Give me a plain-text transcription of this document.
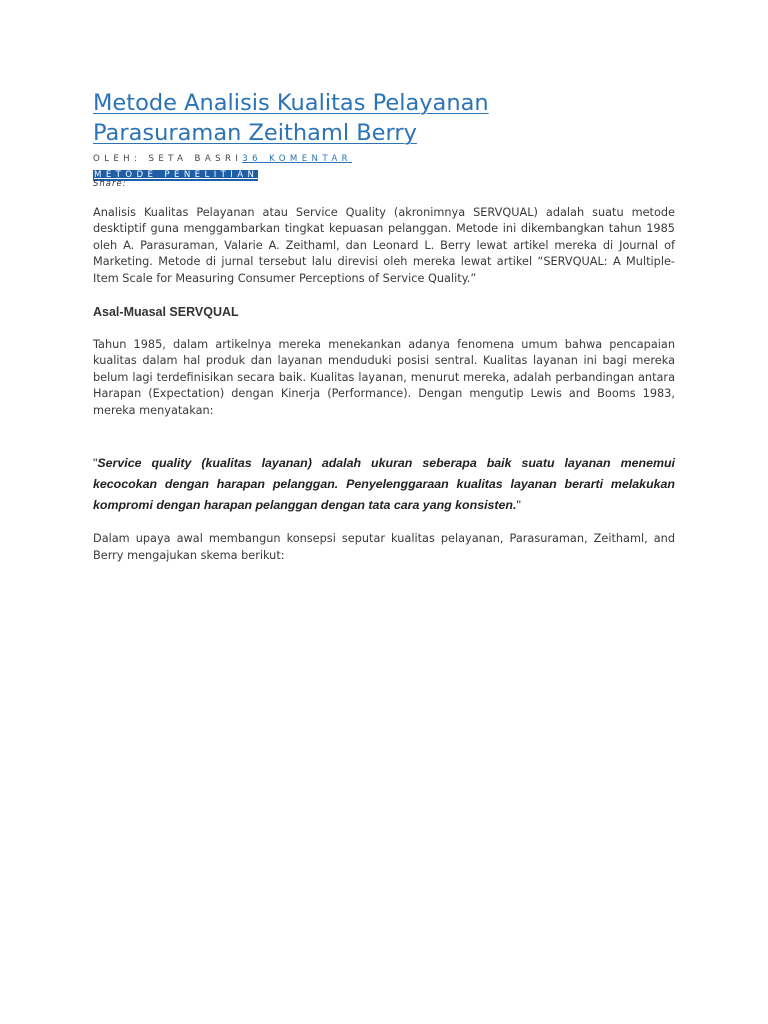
Metode Analisis Kualitas Pelayanan
Parasuraman Zeithaml Berry
OLEH: SETA BASRI36 KOMENTAR
METODE PENELITIAN
Share:

Analisis Kualitas Pelayanan atau Service Quality (akronimnya SERVQUAL) adalah suatu metode desktiptif guna menggambarkan tingkat kepuasan pelanggan. Metode ini dikembangkan tahun 1985 oleh A. Parasuraman, Valarie A. Zeithaml, dan Leonard L. Berry lewat artikel mereka di Journal of Marketing. Metode di jurnal tersebut lalu direvisi oleh mereka lewat artikel “SERVQUAL: A Multiple-Item Scale for Measuring Consumer Perceptions of Service Quality.”

Asal-Muasal SERVQUAL

Tahun 1985, dalam artikelnya mereka menekankan adanya fenomena umum bahwa pencapaian kualitas dalam hal produk dan layanan menduduki posisi sentral. Kualitas layanan ini bagi mereka belum lagi terdefinisikan secara baik. Kualitas layanan, menurut mereka, adalah perbandingan antara Harapan (Expectation) dengan Kinerja (Performance). Dengan mengutip Lewis and Booms 1983, mereka menyatakan:

"Service quality (kualitas layanan) adalah ukuran seberapa baik suatu layanan menemui kecocokan dengan harapan pelanggan. Penyelenggaraan kualitas layanan berarti melakukan kompromi dengan harapan pelanggan dengan tata cara yang konsisten."

Dalam upaya awal membangun konsepsi seputar kualitas pelayanan, Parasuraman, Zeithaml, and Berry mengajukan skema berikut:
